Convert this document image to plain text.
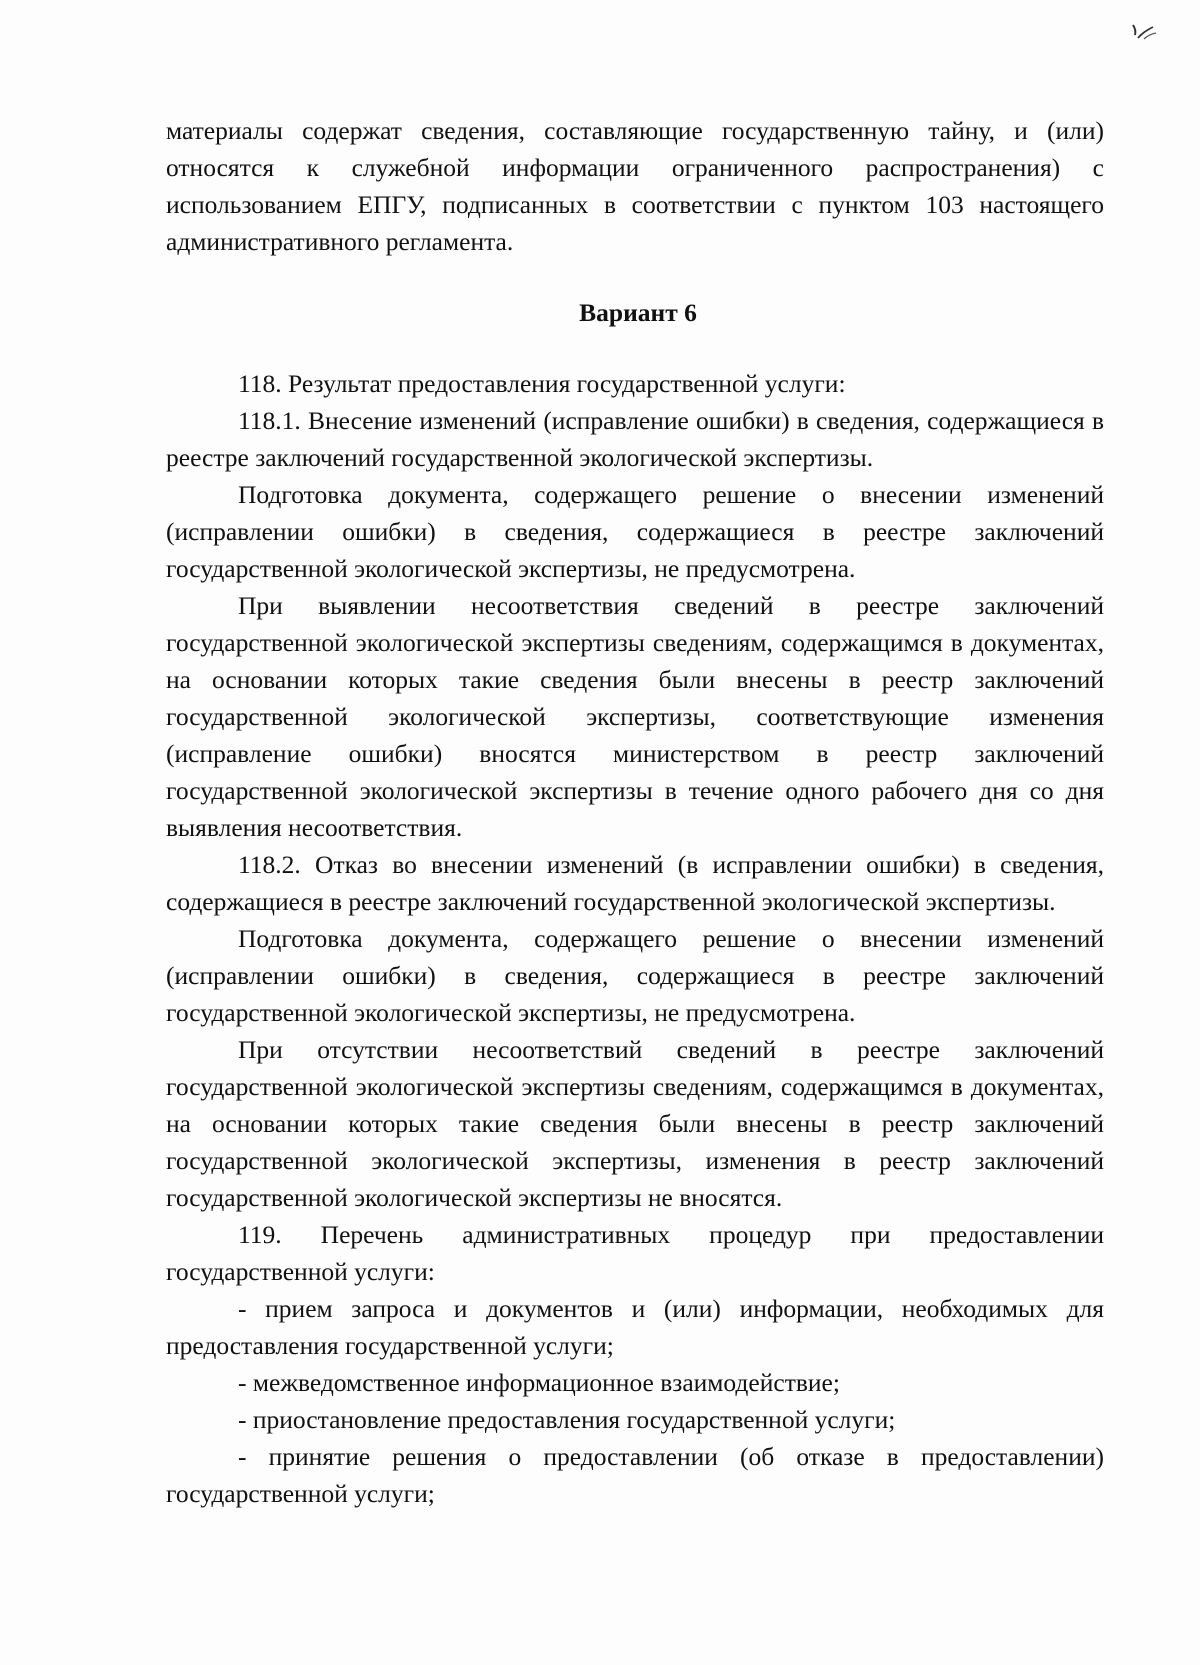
материалы содержат сведения, составляющие государственную тайну, и (или) относятся к служебной информации ограниченного распространения) с использованием ЕПГУ, подписанных в соответствии с пунктом 103 настоящего административного регламента.

Вариант 6

118. Результат предоставления государственной услуги:

118.1. Внесение изменений (исправление ошибки) в сведения, содержащиеся в реестре заключений государственной экологической экспертизы.

Подготовка документа, содержащего решение о внесении изменений (исправлении ошибки) в сведения, содержащиеся в реестре заключений государственной экологической экспертизы, не предусмотрена.

При выявлении несоответствия сведений в реестре заключений государственной экологической экспертизы сведениям, содержащимся в документах, на основании которых такие сведения были внесены в реестр заключений государственной экологической экспертизы, соответствующие изменения (исправление ошибки) вносятся министерством в реестр заключений государственной экологической экспертизы в течение одного рабочего дня со дня выявления несоответствия.

118.2. Отказ во внесении изменений (в исправлении ошибки) в сведения, содержащиеся в реестре заключений государственной экологической экспертизы.

Подготовка документа, содержащего решение о внесении изменений (исправлении ошибки) в сведения, содержащиеся в реестре заключений государственной экологической экспертизы, не предусмотрена.

При отсутствии несоответствий сведений в реестре заключений государственной экологической экспертизы сведениям, содержащимся в документах, на основании которых такие сведения были внесены в реестр заключений государственной экологической экспертизы, изменения в реестр заключений государственной экологической экспертизы не вносятся.

119. Перечень административных процедур при предоставлении государственной услуги:

- прием запроса и документов и (или) информации, необходимых для предоставления государственной услуги;

- межведомственное информационное взаимодействие;

- приостановление предоставления государственной услуги;

- принятие решения о предоставлении (об отказе в предоставлении) государственной услуги;
